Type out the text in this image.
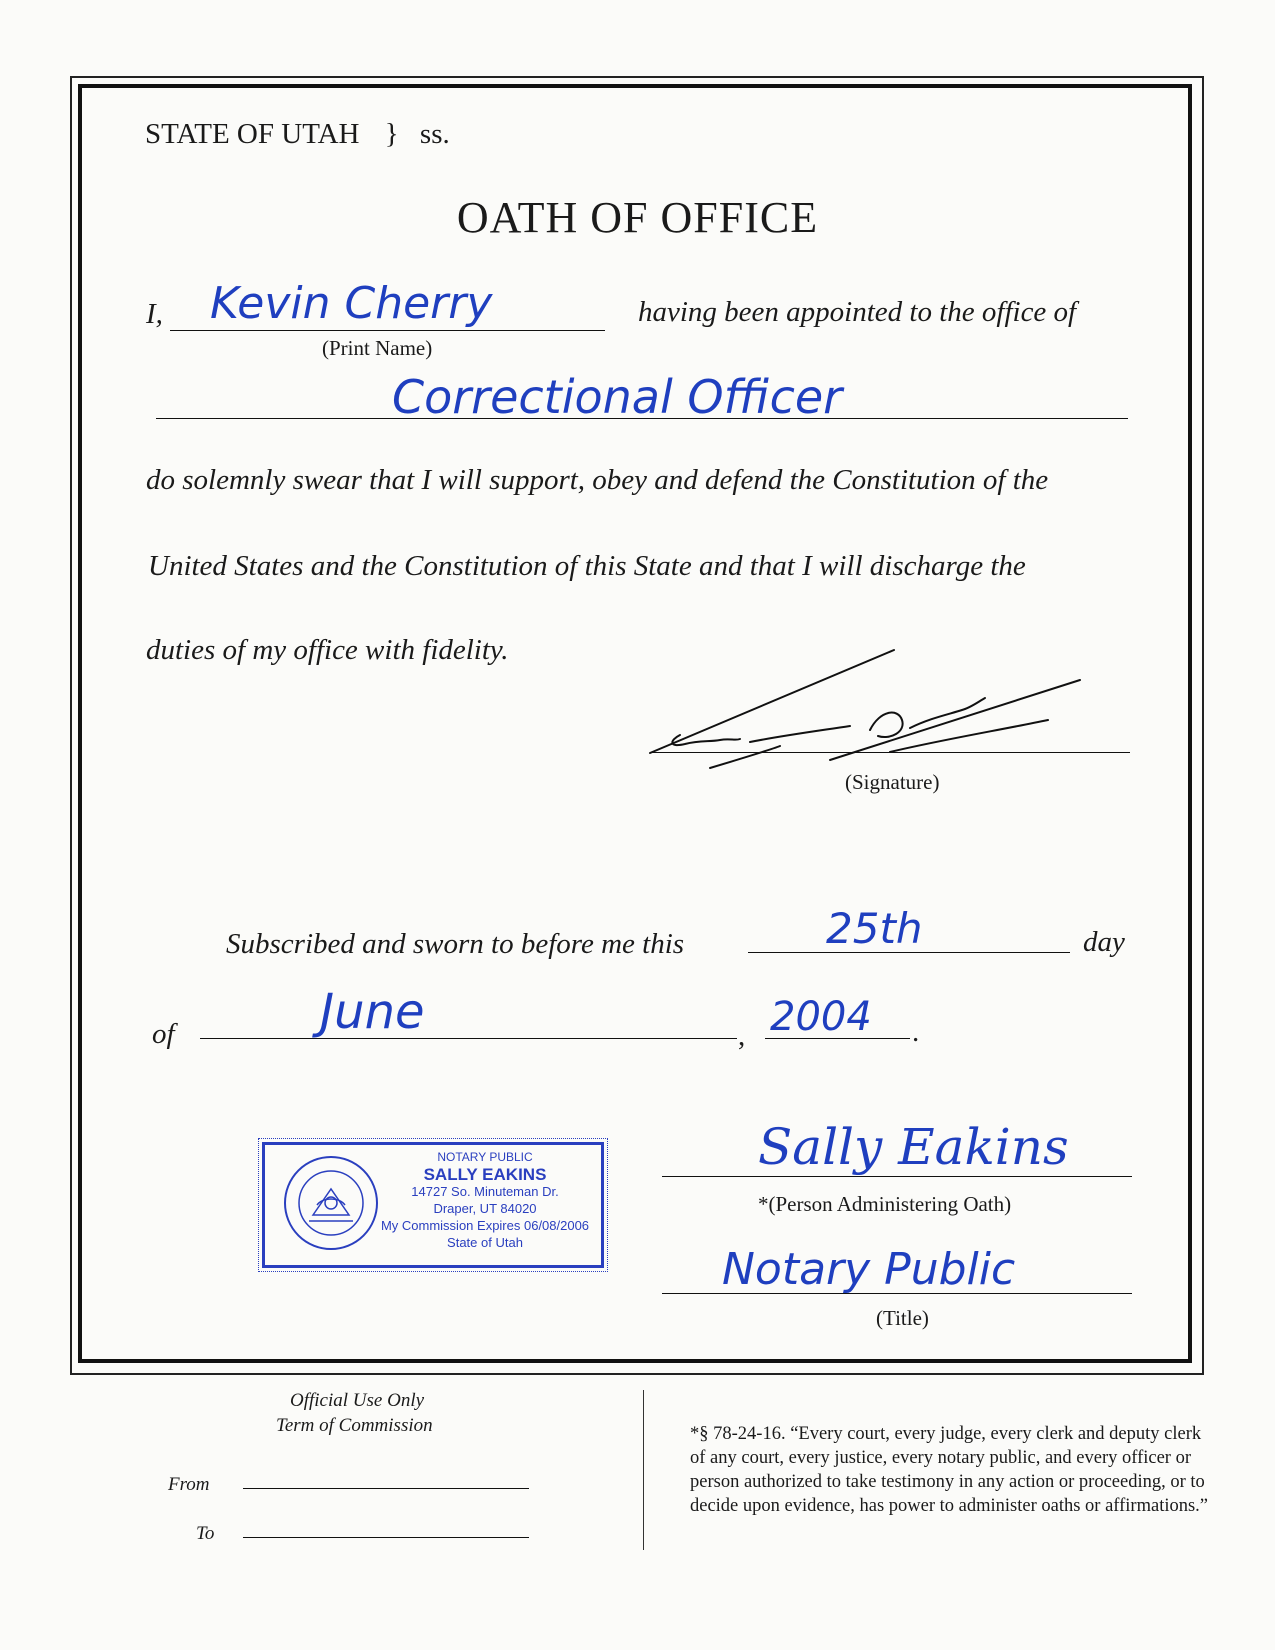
STATE OF UTAH } ss.
OATH OF OFFICE
I, Kevin Cherry
(Print Name)
having been appointed to the office of
Correctional Officer
do solemnly swear that I will support, obey and defend the Constitution of the
United States and the Constitution of this State and that I will discharge the
duties of my office with fidelity.
(Signature)
Subscribed and sworn to before me this	25th	day
of	June	, 2004 .
NOTARY PUBLIC
SALLY EAKINS
14727 So. Minuteman Dr.
Draper, UT 84020
My Commission Expires 06/08/2006
State of Utah
Sally Eakins
*(Person Administering Oath)
Notary Public
(Title)
Official Use Only
Term of Commission
From
To
*§ 78-24-16. “Every court, every judge, every clerk and deputy clerk of any court, every justice, every notary public, and every officer or person authorized to take testimony in any action or proceeding, or to decide upon evidence, has power to administer oaths or affirmations.”
